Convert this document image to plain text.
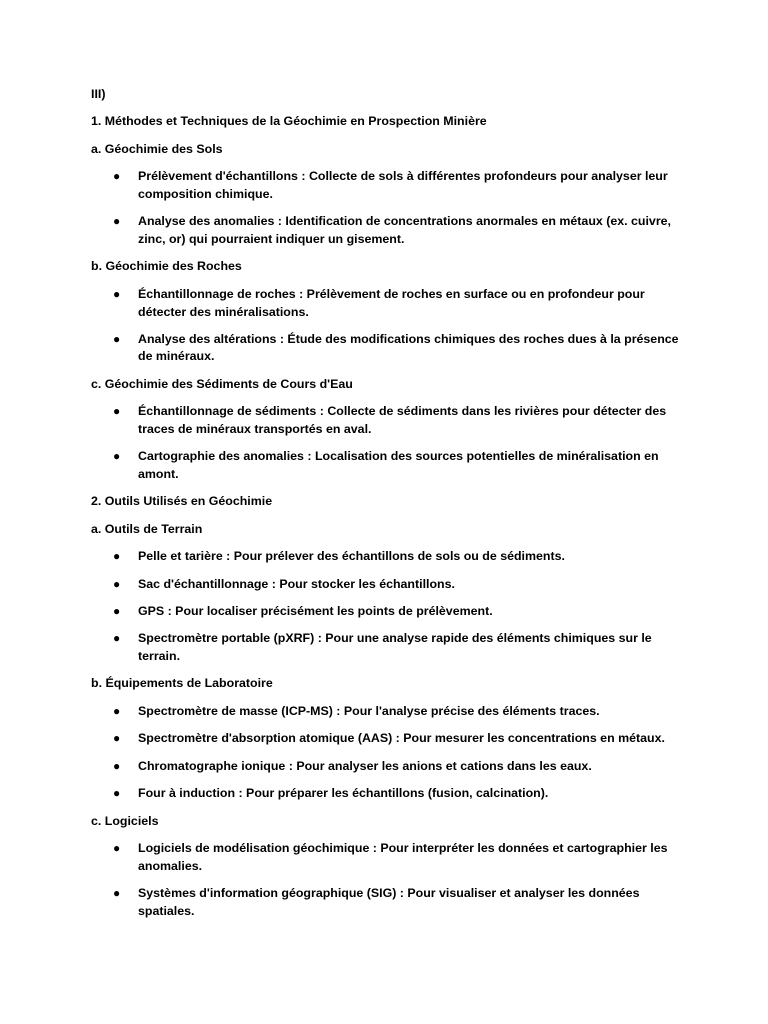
III)

1. Méthodes et Techniques de la Géochimie en Prospection Minière

a. Géochimie des Sols

● Prélèvement d'échantillons : Collecte de sols à différentes profondeurs pour analyser leur composition chimique.
● Analyse des anomalies : Identification de concentrations anormales en métaux (ex. cuivre, zinc, or) qui pourraient indiquer un gisement.

b. Géochimie des Roches

● Échantillonnage de roches : Prélèvement de roches en surface ou en profondeur pour détecter des minéralisations.
● Analyse des altérations : Étude des modifications chimiques des roches dues à la présence de minéraux.

c. Géochimie des Sédiments de Cours d'Eau

● Échantillonnage de sédiments : Collecte de sédiments dans les rivières pour détecter des traces de minéraux transportés en aval.
● Cartographie des anomalies : Localisation des sources potentielles de minéralisation en amont.

2. Outils Utilisés en Géochimie

a. Outils de Terrain

● Pelle et tarière : Pour prélever des échantillons de sols ou de sédiments.
● Sac d'échantillonnage : Pour stocker les échantillons.
● GPS : Pour localiser précisément les points de prélèvement.
● Spectromètre portable (pXRF) : Pour une analyse rapide des éléments chimiques sur le terrain.

b. Équipements de Laboratoire

● Spectromètre de masse (ICP-MS) : Pour l'analyse précise des éléments traces.
● Spectromètre d'absorption atomique (AAS) : Pour mesurer les concentrations en métaux.
● Chromatographe ionique : Pour analyser les anions et cations dans les eaux.
● Four à induction : Pour préparer les échantillons (fusion, calcination).

c. Logiciels

● Logiciels de modélisation géochimique : Pour interpréter les données et cartographier les anomalies.
● Systèmes d'information géographique (SIG) : Pour visualiser et analyser les données spatiales.
